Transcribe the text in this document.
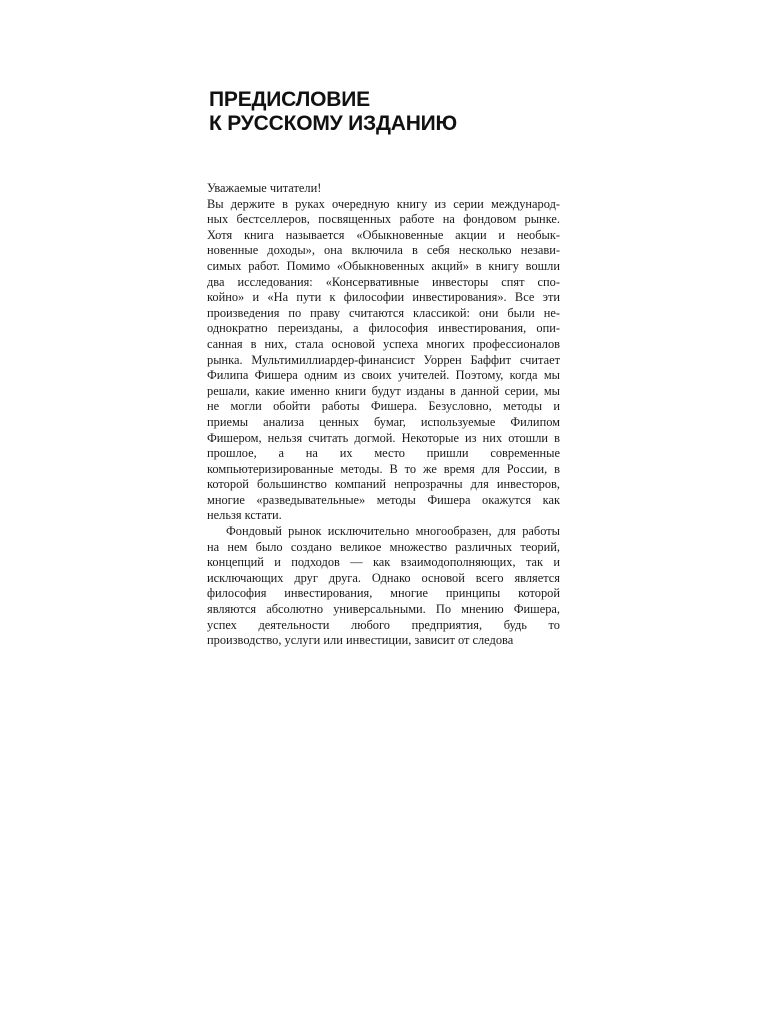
ПРЕДИСЛОВИЕ
К РУССКОМУ ИЗДАНИЮ
Уважаемые читатели!
Вы держите в руках очередную книгу из серии международ-
ных бестселлеров, посвященных работе на фондовом рынке.
Хотя книга называется «Обыкновенные акции и необык-
новенные доходы», она включила в себя несколько незави-
симых работ. Помимо «Обыкновенных акций» в книгу вошли
два исследования: «Консервативные инвесторы спят спо-
койно» и «На пути к философии инвестирования». Все эти
произведения по праву считаются классикой: они были не-
однократно переизданы, а философия инвестирования, опи-
санная в них, стала основой успеха многих профессионалов
рынка. Мультимиллиардер-финансист Уоррен Баффит считает
Филипа Фишера одним из своих учителей. Поэтому, когда мы
решали, какие именно книги будут изданы в данной серии, мы
не могли обойти работы Фишера. Безусловно, методы и
приемы анализа ценных бумаг, используемые Филипом
Фишером, нельзя считать догмой. Некоторые из них отошли в
прошлое, а на их место пришли современные
компьютеризированные методы. В то же время для России, в
которой большинство компаний непрозрачны для инвесторов,
многие «разведывательные» методы Фишера окажутся как
нельзя кстати.
Фондовый рынок исключительно многообразен, для работы
на нем было создано великое множество различных теорий,
концепций и подходов — как взаимодополняющих, так и
исключающих друг друга. Однако основой всего является
философия инвестирования, многие принципы которой
являются абсолютно универсальными. По мнению Фишера,
успех деятельности любого предприятия, будь то
производство, услуги или инвестиции, зависит от следова
